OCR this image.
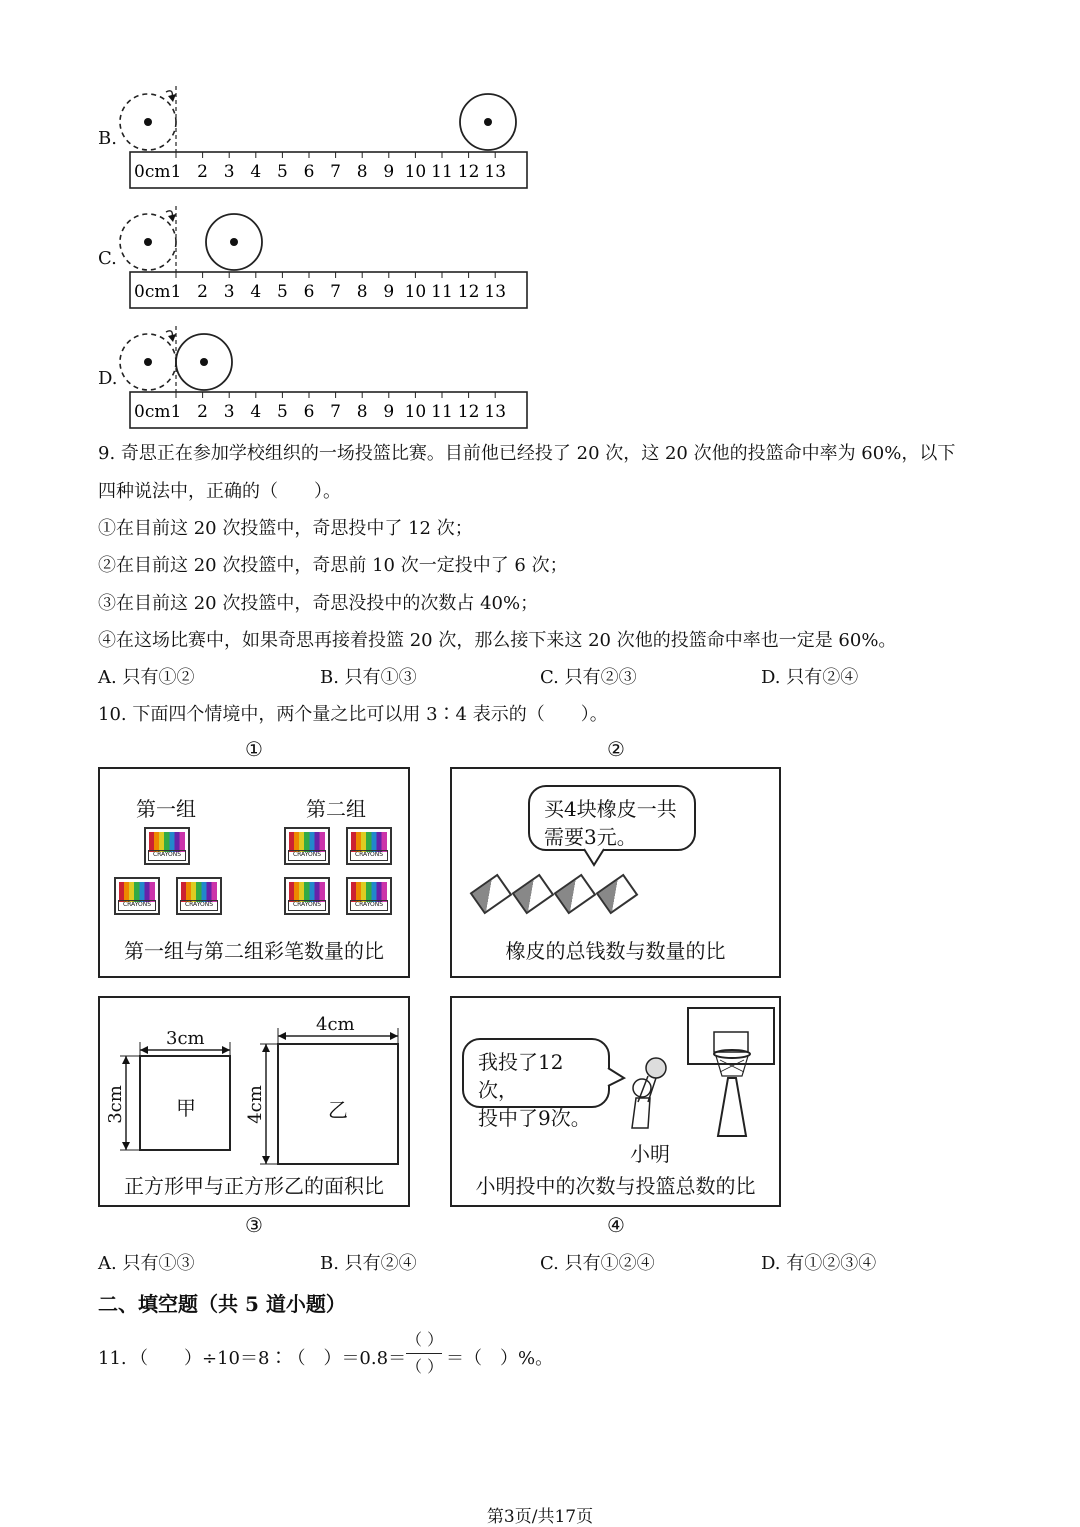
B.
0cm 1 2 3 4 5 6 7 8 9 10 11 12 13
C.
0cm 1 2 3 4 5 6 7 8 9 10 11 12 13
D.
0cm 1 2 3 4 5 6 7 8 9 10 11 12 13
9. 奇思正在参加学校组织的一场投篮比赛。目前他已经投了 20 次，这 20 次他的投篮命中率为 60%，以下
四种说法中，正确的（　　）。
①在目前这 20 次投篮中，奇思投中了 12 次；
②在目前这 20 次投篮中，奇思前 10 次一定投中了 6 次；
③在目前这 20 次投篮中，奇思没投中的次数占 40%；
④在这场比赛中，如果奇思再接着投篮 20 次，那么接下来这 20 次他的投篮命中率也一定是 60%。
A. 只有①②	B. 只有①③	C. 只有②③	D. 只有②④
10. 下面四个情境中，两个量之比可以用 3∶4 表示的（　　）。
①	②
第一组	第二组
CRAYONS
CRAYONS	CRAYONS
CRAYONS	CRAYONS
CRAYONS	CRAYONS
第一组与第二组彩笔数量的比
买4块橡皮一共
需要3元。
橡皮的总钱数与数量的比
3cm
3cm	甲
4cm
4cm	乙
正方形甲与正方形乙的面积比
我投了12次，
投中了9次。
小明
小明投中的次数与投篮总数的比
③	④
A. 只有①③	B. 只有②④	C. 只有①②④	D. 有①②③④
二、填空题（共 5 道小题）
11. （　　）÷10＝8∶（　）＝0.8＝
（ ）
（ ） ＝（　）%。
第3页/共17页
